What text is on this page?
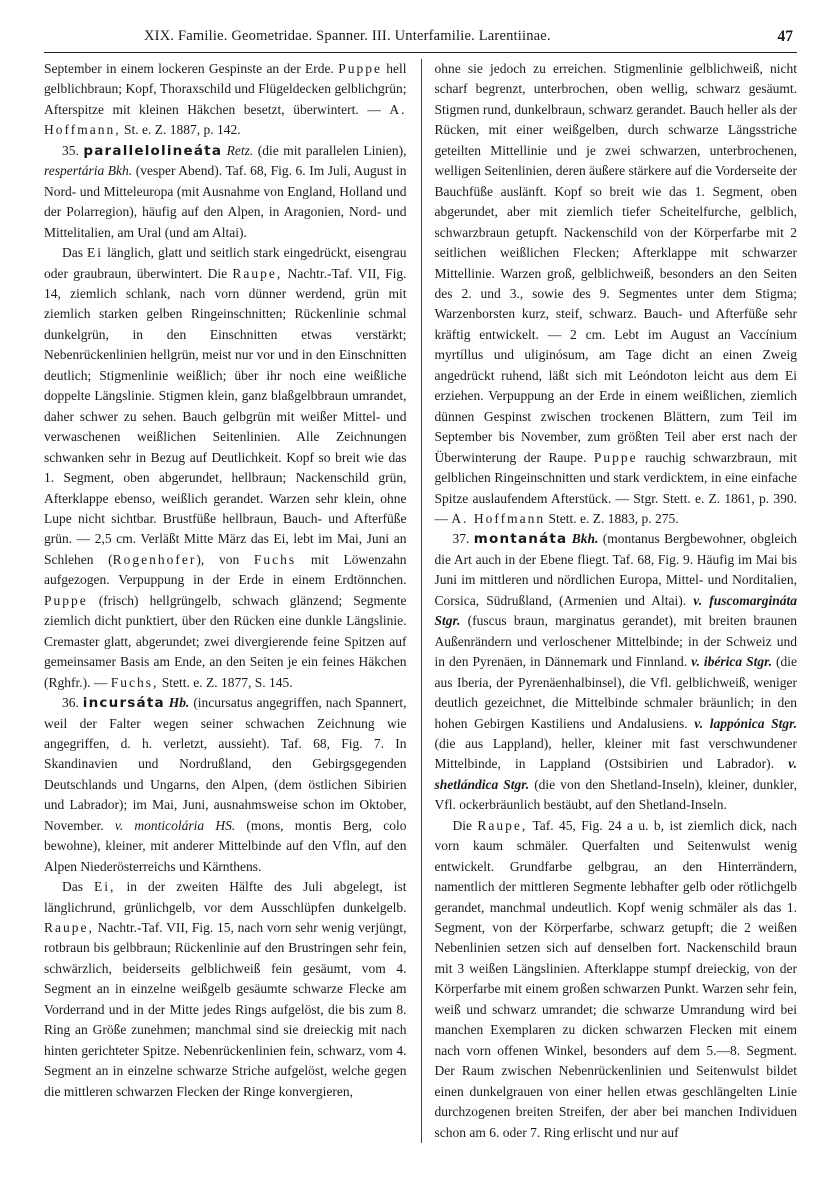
XIX. Familie. Geometridae. Spanner. III. Unterfamilie. Larentiinae.	47

September in einem lockeren Gespinste an der Erde. Puppe hell gelblichbraun; Kopf, Thoraxschild und Flügeldecken gelblichgrün; Afterspitze mit kleinen Häkchen besetzt, überwintert. — A. Hoffmann, St. e. Z. 1887, p. 142.

35. parallelolineáta Retz. (die mit parallelen Linien), respertária Bkh. (vesper Abend). Taf. 68, Fig. 6. Im Juli, August in Nord- und Mitteleuropa (mit Ausnahme von England, Holland und der Polarregion), häufig auf den Alpen, in Aragonien, Nord- und Mittelitalien, am Ural (und am Altai).

Das Ei länglich, glatt und seitlich stark eingedrückt, eisengrau oder graubraun, überwintert. Die Raupe, Nachtr.-Taf. VII, Fig. 14, ziemlich schlank, nach vorn dünner werdend, grün mit ziemlich starken gelben Ringeinschnitten; Rückenlinie schmal dunkelgrün, in den Einschnitten etwas verstärkt; Nebenrückenlinien hellgrün, meist nur vor und in den Einschnitten deutlich; Stigmenlinie weißlich; über ihr noch eine weißliche doppelte Längslinie. Stigmen klein, ganz blaßgelbbraun umrandet, daher schwer zu sehen. Bauch gelbgrün mit weißer Mittel- und verwaschenen weißlichen Seitenlinien. Alle Zeichnungen schwanken sehr in Bezug auf Deutlichkeit. Kopf so breit wie das 1. Segment, oben abgerundet, hellbraun; Nackenschild grün, Afterklappe ebenso, weißlich gerandet. Warzen sehr klein, ohne Lupe nicht sichtbar. Brustfüße hellbraun, Bauch- und Afterfüße grün. — 2,5 cm. Verläßt Mitte März das Ei, lebt im Mai, Juni an Schlehen (Rogenhofer), von Fuchs mit Löwenzahn aufgezogen. Verpuppung in der Erde in einem Erdtönnchen. Puppe (frisch) hellgrüngelb, schwach glänzend; Segmente ziemlich dicht punktiert, über den Rücken eine dunkle Längslinie. Cremaster glatt, abgerundet; zwei divergierende feine Spitzen auf gemeinsamer Basis am Ende, an den Seiten je ein feines Häkchen (Rghfr.). — Fuchs, Stett. e. Z. 1877, S. 145.

36. incursáta Hb. (incursatus angegriffen, nach Spannert, weil der Falter wegen seiner schwachen Zeichnung wie angegriffen, d. h. verletzt, aussieht). Taf. 68, Fig. 7. In Skandinavien und Nordrußland, den Gebirgsgegenden Deutschlands und Ungarns, den Alpen, (dem östlichen Sibirien und Labrador); im Mai, Juni, ausnahmsweise schon im Oktober, November. v. monticolária HS. (mons, montis Berg, colo bewohne), kleiner, mit anderer Mittelbinde auf den Vfln, auf den Alpen Niederösterreichs und Kärnthens.

Das Ei, in der zweiten Hälfte des Juli abgelegt, ist länglichrund, grünlichgelb, vor dem Ausschlüpfen dunkelgelb. Raupe, Nachtr.-Taf. VII, Fig. 15, nach vorn sehr wenig verjüngt, rotbraun bis gelbbraun; Rückenlinie auf den Brustringen sehr fein, schwärzlich, beiderseits gelblichweiß fein gesäumt, vom 4. Segment an in einzelne weißgelb gesäumte schwarze Flecke am Vorderrand und in der Mitte jedes Rings aufgelöst, die bis zum 8. Ring an Größe zunehmen; manchmal sind sie dreieckig mit nach hinten gerichteter Spitze. Nebenrückenlinien fein, schwarz, vom 4. Segment an in einzelne schwarze Striche aufgelöst, welche gegen die mittleren schwarzen Flecken der Ringe konvergieren,

ohne sie jedoch zu erreichen. Stigmenlinie gelblichweiß, nicht scharf begrenzt, unterbrochen, oben wellig, schwarz gesäumt. Stigmen rund, dunkelbraun, schwarz gerandet. Bauch heller als der Rücken, mit einer weißgelben, durch schwarze Längsstriche geteilten Mittellinie und je zwei schwarzen, unterbrochenen, welligen Seitenlinien, deren äußere stärkere auf die Vorderseite der Bauchfüße auslänft. Kopf so breit wie das 1. Segment, oben abgerundet, aber mit ziemlich tiefer Scheitelfurche, gelblich, schwarzbraun getupft. Nackenschild von der Körperfarbe mit 2 seitlichen weißlichen Flecken; Afterklappe mit schwarzer Mittellinie. Warzen groß, gelblichweiß, besonders an den Seiten des 2. und 3., sowie des 9. Segmentes unter dem Stigma; Warzenborsten kurz, steif, schwarz. Bauch- und Afterfüße sehr kräftig entwickelt. — 2 cm. Lebt im August an Vaccínium myrtíllus und uliginósum, am Tage dicht an einen Zweig angedrückt ruhend, läßt sich mit Leóndoton leicht aus dem Ei erziehen. Verpuppung an der Erde in einem weißlichen, ziemlich dünnen Gespinst zwischen trockenen Blättern, zum Teil im September bis November, zum größten Teil aber erst nach der Überwinterung der Raupe. Puppe rauchig schwarzbraun, mit gelblichen Ringeinschnitten und stark verdicktem, in eine einfache Spitze auslaufendem Afterstück. — Stgr. Stett. e. Z. 1861, p. 390. — A. Hoffmann Stett. e. Z. 1883, p. 275.

37. montanáta Bkh. (montanus Bergbewohner, obgleich die Art auch in der Ebene fliegt. Taf. 68, Fig. 9. Häufig im Mai bis Juni im mittleren und nördlichen Europa, Mittel- und Norditalien, Corsica, Südrußland, (Armenien und Altai). v. fuscomargináta Stgr. (fuscus braun, marginatus gerandet), mit breiten braunen Außenrändern und verloschener Mittelbinde; in der Schweiz und in den Pyrenäen, in Dännemark und Finnland. v. ibérica Stgr. (die aus Iberia, der Pyrenäenhalbinsel), die Vfl. gelblichweiß, weniger deutlich gezeichnet, die Mittelbinde schmaler bräunlich; in den hohen Gebirgen Kastiliens und Andalusiens. v. lappónica Stgr. (die aus Lappland), heller, kleiner mit fast verschwundener Mittelbinde, in Lappland (Ostsibirien und Labrador). v. shetlándica Stgr. (die von den Shetland-Inseln), kleiner, dunkler, Vfl. ockerbräunlich bestäubt, auf den Shetland-Inseln.

Die Raupe, Taf. 45, Fig. 24 a u. b, ist ziemlich dick, nach vorn kaum schmäler. Querfalten und Seitenwulst wenig entwickelt. Grundfarbe gelbgrau, an den Hinterrändern, namentlich der mittleren Segmente lebhafter gelb oder rötlichgelb gerandet, manchmal undeutlich. Kopf wenig schmäler als das 1. Segment, von der Körperfarbe, schwarz getupft; die 2 weißen Nebenlinien setzen sich auf denselben fort. Nackenschild braun mit 3 weißen Längslinien. Afterklappe stumpf dreieckig, von der Körperfarbe mit einem großen schwarzen Punkt. Warzen sehr fein, weiß und schwarz umrandet; die schwarze Umrandung wird bei manchen Exemplaren zu dicken schwarzen Flecken mit einem nach vorn offenen Winkel, besonders auf dem 5.—8. Segment. Der Raum zwischen Nebenrückenlinien und Seitenwulst bildet einen dunkelgrauen von einer hellen etwas geschlängelten Linie durchzogenen breiten Streifen, der aber bei manchen Individuen schon am 6. oder 7. Ring erlischt und nur auf
